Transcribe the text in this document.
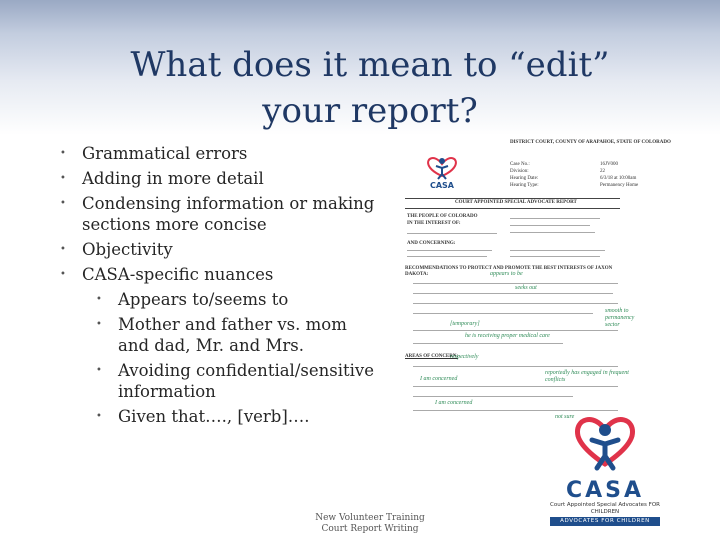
What does it mean to “edit” your report?
• Grammatical errors
• Adding in more detail
• Condensing information or making sections more concise
• Objectivity
• CASA-specific nuances
• Appears to/seems to
• Mother and father vs. mom and dad, Mr. and Mrs.
• Avoiding confidential/sensitive information
• Given that…., [verb]….
CASA
DISTRICT COURT, COUNTY OF ARAPAHOE, STATE OF COLORADO
Case No.:	16JV000
Division:	22
Hearing Date:	6/3/18 at 10:00am
Hearing Type:	Permanency Home
COURT APPOINTED SPECIAL ADVOCATE REPORT
THE PEOPLE OF COLORADO
IN THE INTEREST OF:
AND CONCERNING:
RECOMMENDATIONS TO PROTECT AND PROMOTE THE BEST INTERESTS OF JAXON DAKOTA:	appears to be
seeks out
smooth to permanency sector
[temporary]
he is receiving proper medical care
AREAS OF CONCERN:
respectively
I am concerned
reportedly has engaged in frequent conflicts
I am concerned
not sure
New Volunteer Training
Court Report Writing
CASA
Court Appointed Special Advocates FOR CHILDREN
ADVOCATES FOR CHILDREN
